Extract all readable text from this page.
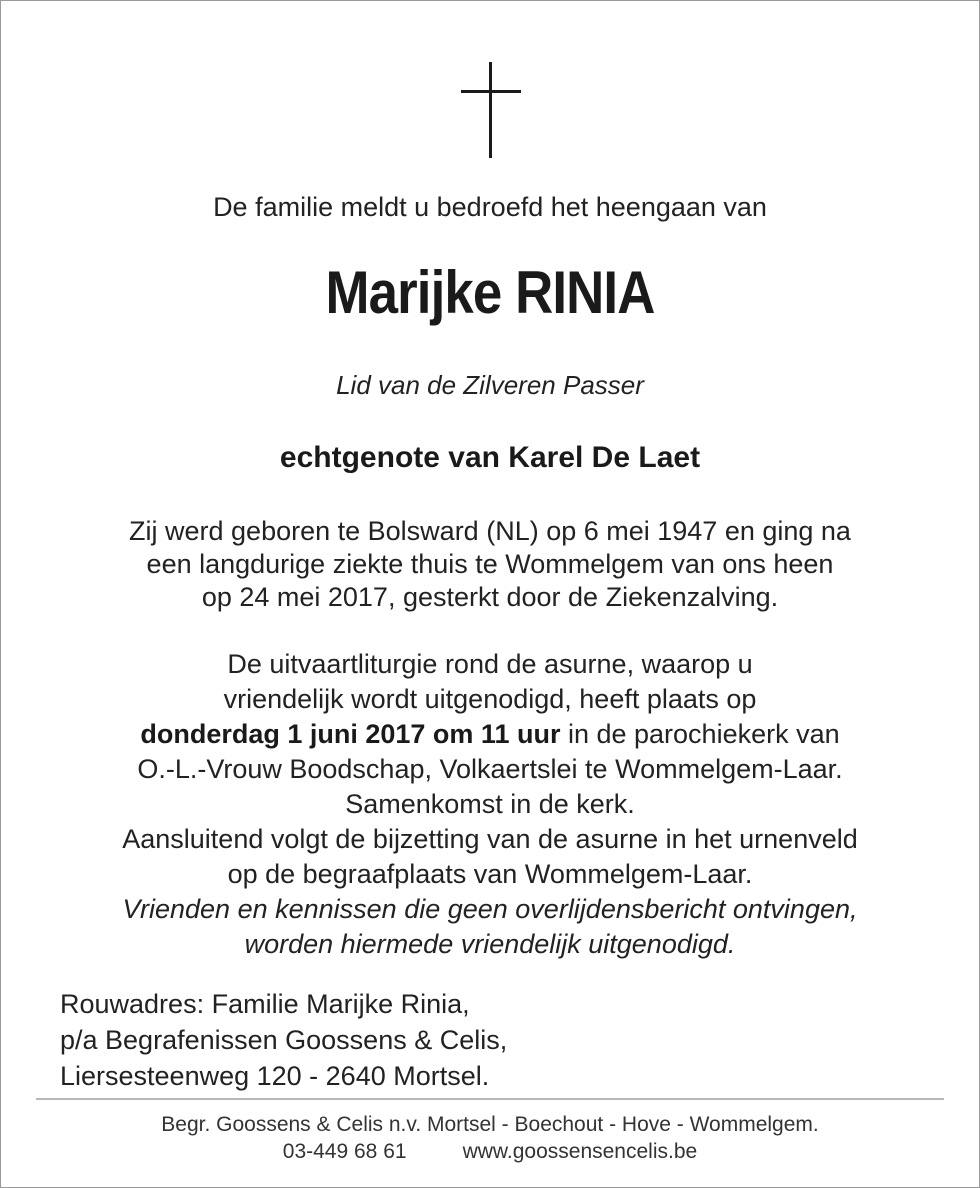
De familie meldt u bedroefd het heengaan van
Marijke RINIA
Lid van de Zilveren Passer
echtgenote van Karel De Laet
Zij werd geboren te Bolsward (NL) op 6 mei 1947 en ging na
een langdurige ziekte thuis te Wommelgem van ons heen
op 24 mei 2017, gesterkt door de Ziekenzalving.
De uitvaartliturgie rond de asurne, waarop u
vriendelijk wordt uitgenodigd, heeft plaats op
donderdag 1 juni 2017 om 11 uur in de parochiekerk van
O.-L.-Vrouw Boodschap, Volkaertslei te Wommelgem-Laar.
Samenkomst in de kerk.
Aansluitend volgt de bijzetting van de asurne in het urnenveld
op de begraafplaats van Wommelgem-Laar.
Vrienden en kennissen die geen overlijdensbericht ontvingen,
worden hiermede vriendelijk uitgenodigd.
Rouwadres: Familie Marijke Rinia,
p/a Begrafenissen Goossens & Celis,
Liersesteenweg 120 - 2640 Mortsel.
Begr. Goossens & Celis n.v. Mortsel - Boechout - Hove - Wommelgem.
03-449 68 61	www.goossensencelis.be
